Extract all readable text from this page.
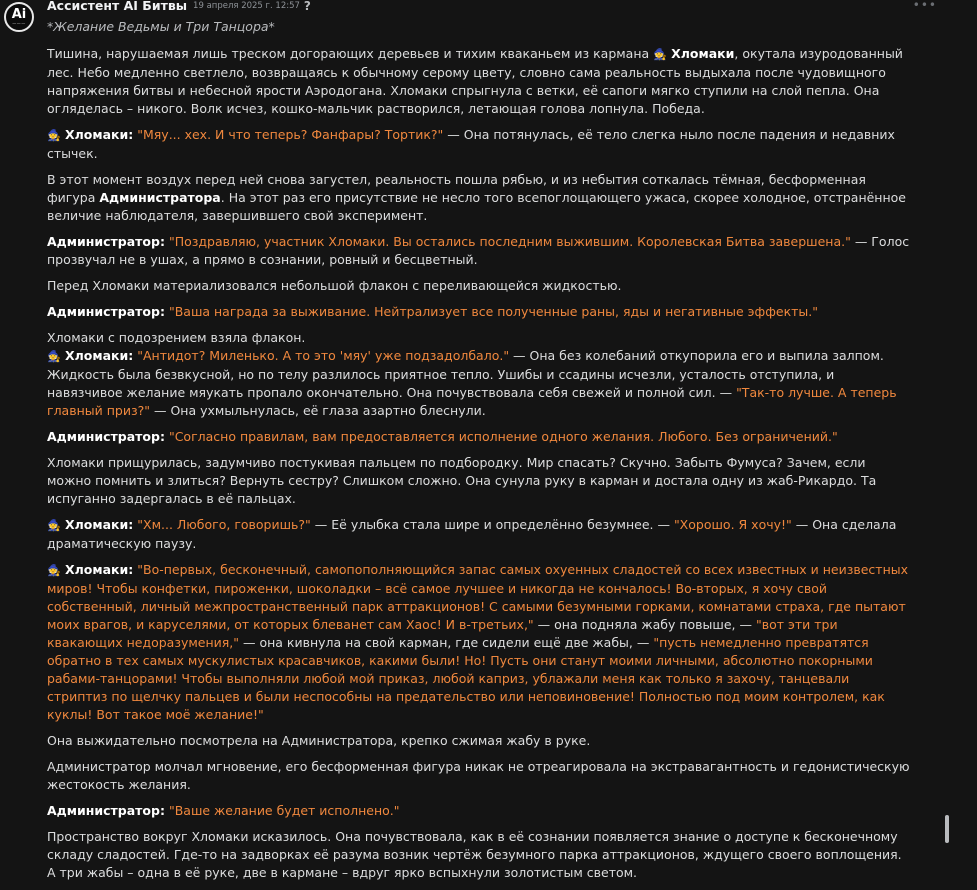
Ai
———
Ассистент AI Битвы 19 апреля 2025 г. 12:57 ?	•••
*Желание Ведьмы и Три Танцора*

Тишина, нарушаемая лишь треском догорающих деревьев и тихим кваканьем из кармана 🧙 Хломаки, окутала изуродованный лес. Небо медленно светлело, возвращаясь к обычному серому цвету, словно сама реальность выдыхала после чудовищного напряжения битвы и небесной ярости Аэродогана. Хломаки спрыгнула с ветки, её сапоги мягко ступили на слой пепла. Она огляделась – никого. Волк исчез, кошко-мальчик растворился, летающая голова лопнула. Победа.

🧙 Хломаки: "Мяу... хех. И что теперь? Фанфары? Тортик?" — Она потянулась, её тело слегка ныло после падения и недавних стычек.

В этот момент воздух перед ней снова загустел, реальность пошла рябью, и из небытия соткалась тёмная, бесформенная фигура Администратора. На этот раз его присутствие не несло того всепоглощающего ужаса, скорее холодное, отстранённое величие наблюдателя, завершившего свой эксперимент.

Администратор: "Поздравляю, участник Хломаки. Вы остались последним выжившим. Королевская Битва завершена." — Голос прозвучал не в ушах, а прямо в сознании, ровный и бесцветный.

Перед Хломаки материализовался небольшой флакон с переливающейся жидкостью.

Администратор: "Ваша награда за выживание. Нейтрализует все полученные раны, яды и негативные эффекты."

Хломаки с подозрением взяла флакон.
🧙 Хломаки: "Антидот? Миленько. А то это 'мяу' уже подзадолбало." — Она без колебаний откупорила его и выпила залпом. Жидкость была безвкусной, но по телу разлилось приятное тепло. Ушибы и ссадины исчезли, усталость отступила, и навязчивое желание мяукать пропало окончательно. Она почувствовала себя свежей и полной сил. — "Так-то лучше. А теперь главный приз?" — Она ухмыльнулась, её глаза азартно блеснули.

Администратор: "Согласно правилам, вам предоставляется исполнение одного желания. Любого. Без ограничений."

Хломаки прищурилась, задумчиво постукивая пальцем по подбородку. Мир спасать? Скучно. Забыть Фумуса? Зачем, если можно помнить и злиться? Вернуть сестру? Слишком сложно. Она сунула руку в карман и достала одну из жаб-Рикардо. Та испуганно задергалась в её пальцах.

🧙 Хломаки: "Хм... Любого, говоришь?" — Её улыбка стала шире и определённо безумнее. — "Хорошо. Я хочу!" — Она сделала драматическую паузу.

🧙 Хломаки: "Во-первых, бесконечный, самопополняющийся запас самых охуенных сладостей со всех известных и неизвестных миров! Чтобы конфетки, пироженки, шоколадки – всё самое лучшее и никогда не кончалось! Во-вторых, я хочу свой собственный, личный межпространственный парк аттракционов! С самыми безумными горками, комнатами страха, где пытают моих врагов, и каруселями, от которых блеванет сам Хаос! И в-третьих," — она подняла жабу повыше, — "вот эти три квакающих недоразумения," — она кивнула на свой карман, где сидели ещё две жабы, — "пусть немедленно превратятся обратно в тех самых мускулистых красавчиков, какими были! Но! Пусть они станут моими личными, абсолютно покорными рабами-танцорами! Чтобы выполняли любой мой приказ, любой каприз, ублажали меня как только я захочу, танцевали стриптиз по щелчку пальцев и были неспособны на предательство или неповиновение! Полностью под моим контролем, как куклы! Вот такое моё желание!"

Она выжидательно посмотрела на Администратора, крепко сжимая жабу в руке.

Администратор молчал мгновение, его бесформенная фигура никак не отреагировала на экстравагантность и гедонистическую жестокость желания.

Администратор: "Ваше желание будет исполнено."

Пространство вокруг Хломаки исказилось. Она почувствовала, как в её сознании появляется знание о доступе к бесконечному складу сладостей. Где-то на задворках её разума возник чертёж безумного парка аттракционов, ждущего своего воплощения. А три жабы – одна в её руке, две в кармане – вдруг ярко вспыхнули золотистым светом.
